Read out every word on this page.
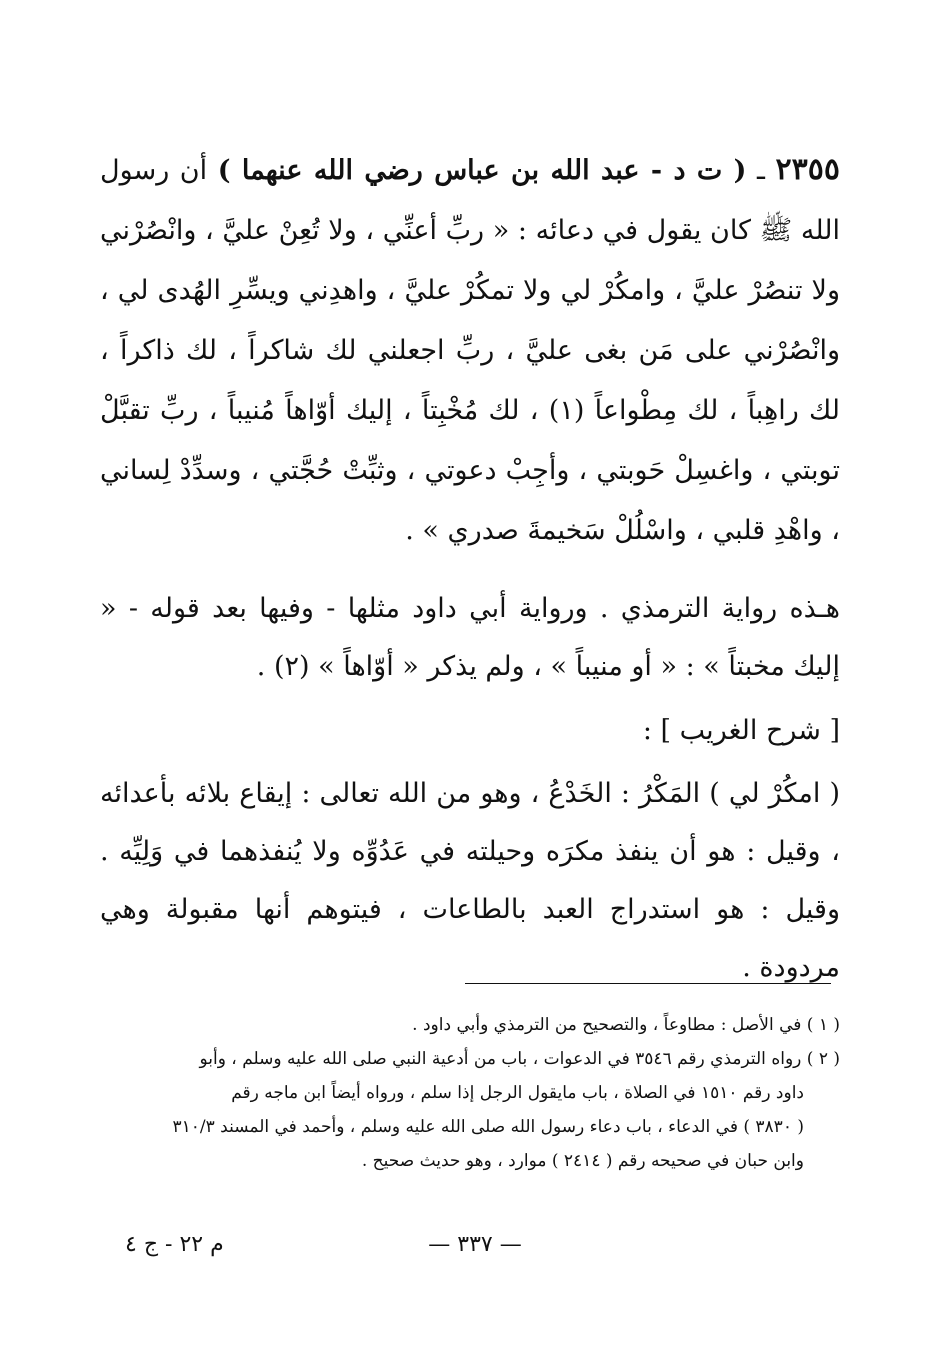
٢٣٥٥ ـ ( ت د - عبد الله بن عباس رضي الله عنهما ) أن رسول الله ﷺ كان يقول في دعائه : « ربِّ أعنِّي ، ولا تُعِنْ عليَّ ، وانْصُرْني ولا تنصُرْ عليَّ ، وامكُرْ لي ولا تمكُرْ عليَّ ، واهدِني ويسِّرِ الهُدى لي ، وانْصُرْني على مَن بغى عليَّ ، ربِّ اجعلني لك شاكراً ، لك ذاكراً ، لك راهِباً ، لك مِطْواعاً (١) ، لك مُخْبِتاً ، إليك أوّاهاً مُنيباً ، ربِّ تقبَّلْ توبتي ، واغسِلْ حَوبتي ، وأجِبْ دعوتي ، وثبِّتْ حُجَّتي ، وسدِّدْ لِساني ، واهْدِ قلبي ، واسْلُلْ سَخيمةَ صدري » .
هـذه رواية الترمذي . ورواية أبي داود مثلها - وفيها بعد قوله - « إليك مخبتاً » : « أو منيباً » ، ولم يذكر « أوّاهاً » (٢) .
[ شرح الغريب ] :
( امكُرْ لي ) المَكْرُ : الخَدْعُ ، وهو من الله تعالى : إيقاع بلائه بأعدائه ، وقيل : هو أن ينفذ مكرَه وحيلته في عَدُوِّه ولا يُنفذهما في وَلِيِّه . وقيل : هو استدراج العبد بالطاعات ، فيتوهم أنها مقبولة وهي مردودة .
( ١ ) في الأصل : مطاوعاً ، والتصحيح من الترمذي وأبي داود .
( ٢ ) رواه الترمذي رقم ٣٥٤٦ في الدعوات ، باب من أدعية النبي صلى الله عليه وسلم ، وأبو
داود رقم ١٥١٠ في الصلاة ، باب مايقول الرجل إذا سلم ، ورواه أيضاً ابن ماجه رقم
( ٣٨٣٠ ) في الدعاء ، باب دعاء رسول الله صلى الله عليه وسلم ، وأحمد في المسند ٣١٠/٣
وابن حبان في صحيحه رقم ( ٢٤١٤ ) موارد ، وهو حديث صحيح .
— ٣٣٧ —
م ٢٢ - ج ٤
